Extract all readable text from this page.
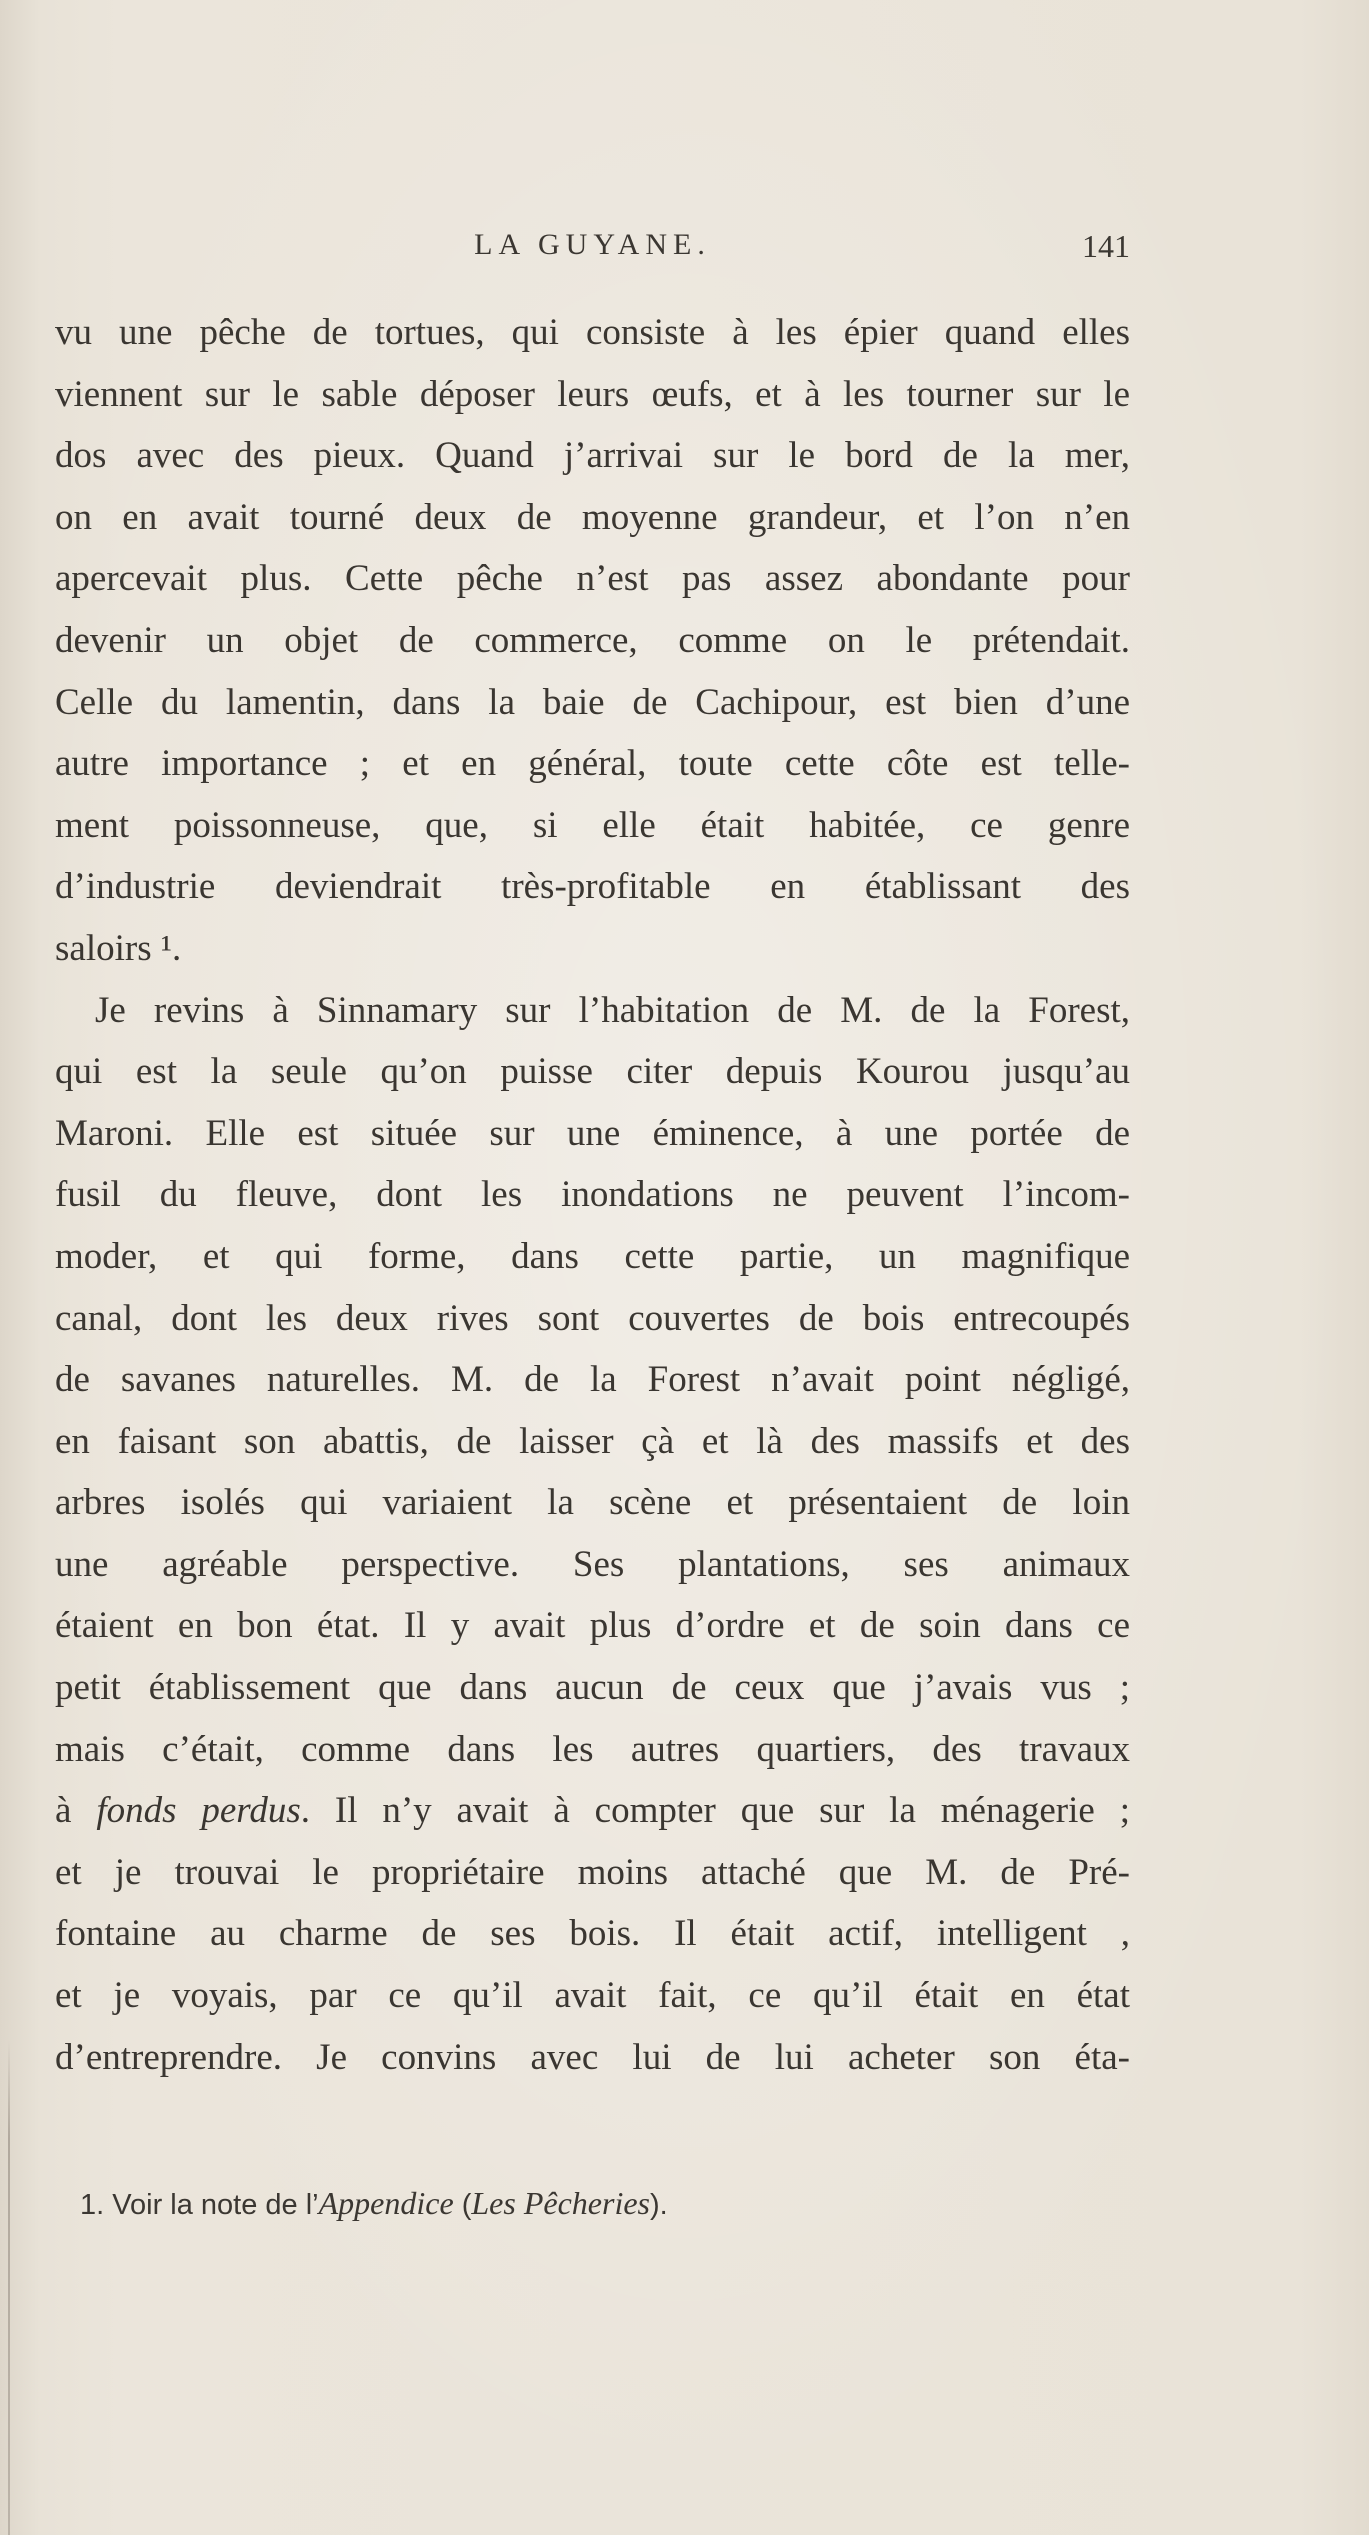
LA GUYANE.	141
vu une pêche de tortues, qui consiste à les épier quand elles
viennent sur le sable déposer leurs œufs, et à les tourner sur le
dos avec des pieux. Quand j’arrivai sur le bord de la mer,
on en avait tourné deux de moyenne grandeur, et l’on n’en
apercevait plus. Cette pêche n’est pas assez abondante pour
devenir un objet de commerce, comme on le prétendait.
Celle du lamentin, dans la baie de Cachipour, est bien d’une
autre importance ; et en général, toute cette côte est telle-
ment poissonneuse, que, si elle était habitée, ce genre
d’industrie deviendrait très-profitable en établissant des
saloirs ¹.
Je revins à Sinnamary sur l’habitation de M. de la Forest,
qui est la seule qu’on puisse citer depuis Kourou jusqu’au
Maroni. Elle est située sur une éminence, à une portée de
fusil du fleuve, dont les inondations ne peuvent l’incom-
moder, et qui forme, dans cette partie, un magnifique
canal, dont les deux rives sont couvertes de bois entrecoupés
de savanes naturelles. M. de la Forest n’avait point négligé,
en faisant son abattis, de laisser çà et là des massifs et des
arbres isolés qui variaient la scène et présentaient de loin
une agréable perspective. Ses plantations, ses animaux
étaient en bon état. Il y avait plus d’ordre et de soin dans ce
petit établissement que dans aucun de ceux que j’avais vus ;
mais c’était, comme dans les autres quartiers, des travaux
à fonds perdus. Il n’y avait à compter que sur la ménagerie ;
et je trouvai le propriétaire moins attaché que M. de Pré-
fontaine au charme de ses bois. Il était actif, intelligent ,
et je voyais, par ce qu’il avait fait, ce qu’il était en état
d’entreprendre. Je convins avec lui de lui acheter son éta-
1. Voir la note de l’Appendice (Les Pêcheries).
